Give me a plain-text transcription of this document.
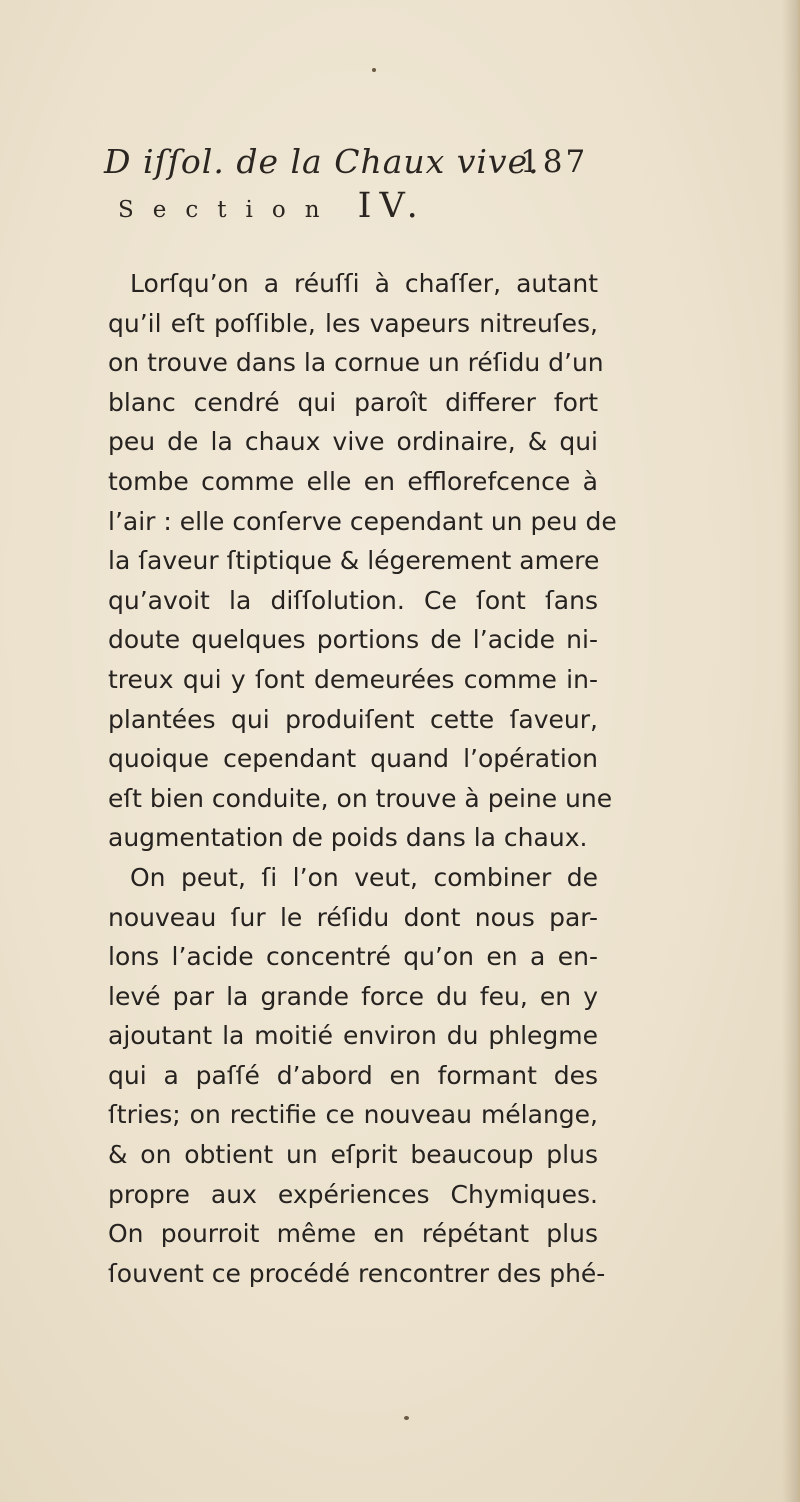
D iſſol. de la Chaux vive.
187
Section IV.
Lorſqu’on a réuſſi à chaſſer, autant
qu’il eſt poſſible, les vapeurs nitreuſes,
on trouve dans la cornue un réſidu d’un
blanc cendré qui paroît differer fort
peu de la chaux vive ordinaire, & qui
tombe comme elle en efflorefcence à
l’air : elle conſerve cependant un peu de
la ſaveur ſtiptique & légerement amere
qu’avoit la diſſolution. Ce ſont ſans
doute quelques portions de l’acide ni-
treux qui y ſont demeurées comme in-
plantées qui produiſent cette ſaveur,
quoique cependant quand l’opération
eſt bien conduite, on trouve à peine une
augmentation de poids dans la chaux.
On peut, ſi l’on veut, combiner de
nouveau ſur le réſidu dont nous par-
lons l’acide concentré qu’on en a en-
levé par la grande force du feu, en y
ajoutant la moitié environ du phlegme
qui a paſſé d’abord en formant des
ſtries; on rectifie ce nouveau mélange,
& on obtient un eſprit beaucoup plus
propre aux expériences Chymiques.
On pourroit même en répétant plus
ſouvent ce procédé rencontrer des phé-
